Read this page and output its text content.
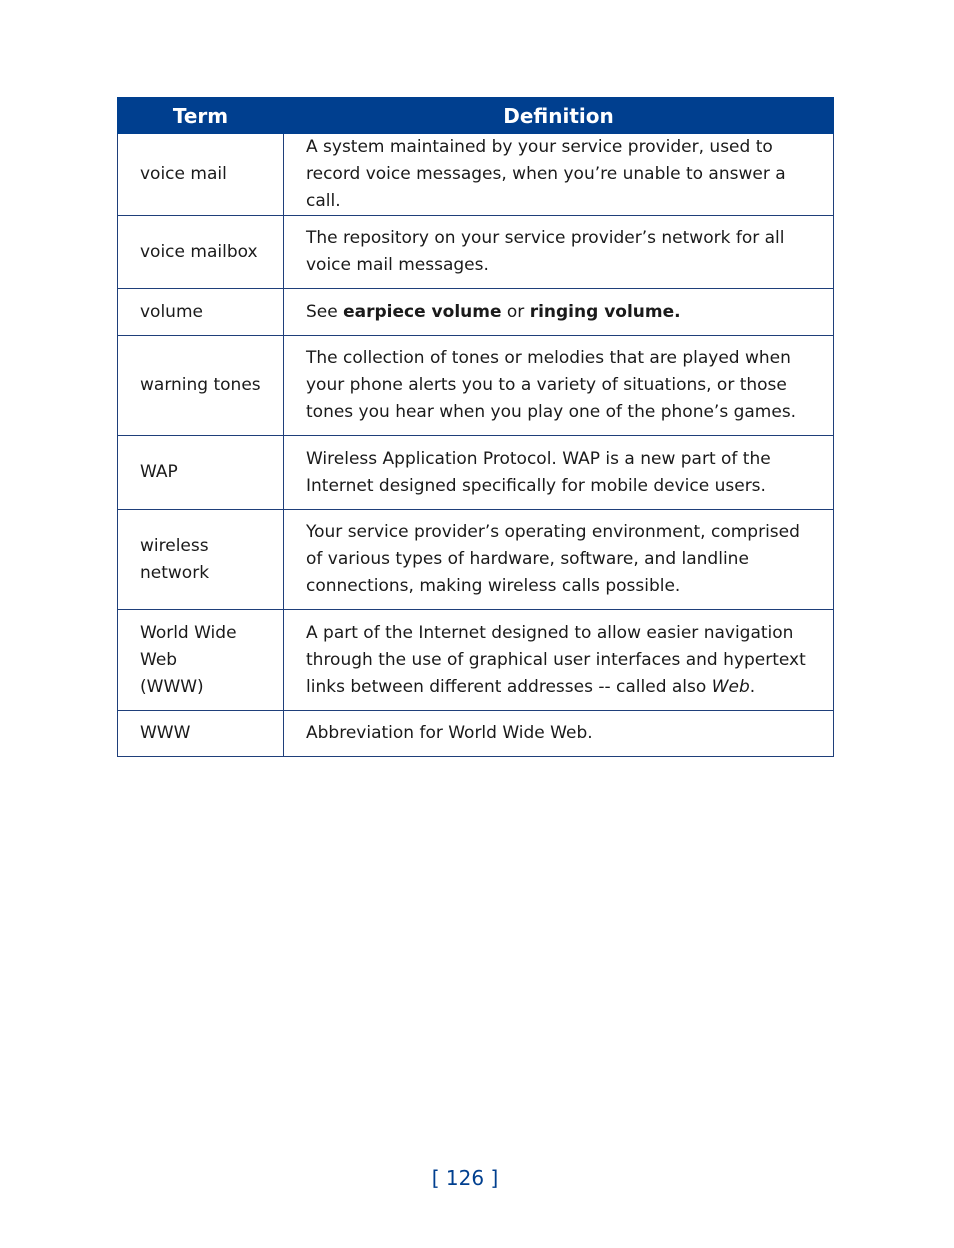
Term	Definition
voice mail	A system maintained by your service provider, used to record voice messages, when you’re unable to answer a call.
voice mailbox	The repository on your service provider’s network for all voice mail messages.
volume	See earpiece volume or ringing volume.
warning tones	The collection of tones or melodies that are played when your phone alerts you to a variety of situations, or those tones you hear when you play one of the phone’s games.
WAP	Wireless Application Protocol. WAP is a new part of the Internet designed specifically for mobile device users.
wireless network	Your service provider’s operating environment, comprised of various types of hardware, software, and landline connections, making wireless calls possible.
World Wide Web (WWW)	A part of the Internet designed to allow easier navigation through the use of graphical user interfaces and hypertext links between different addresses -- called also Web.
WWW	Abbreviation for World Wide Web.
[ 126 ]
